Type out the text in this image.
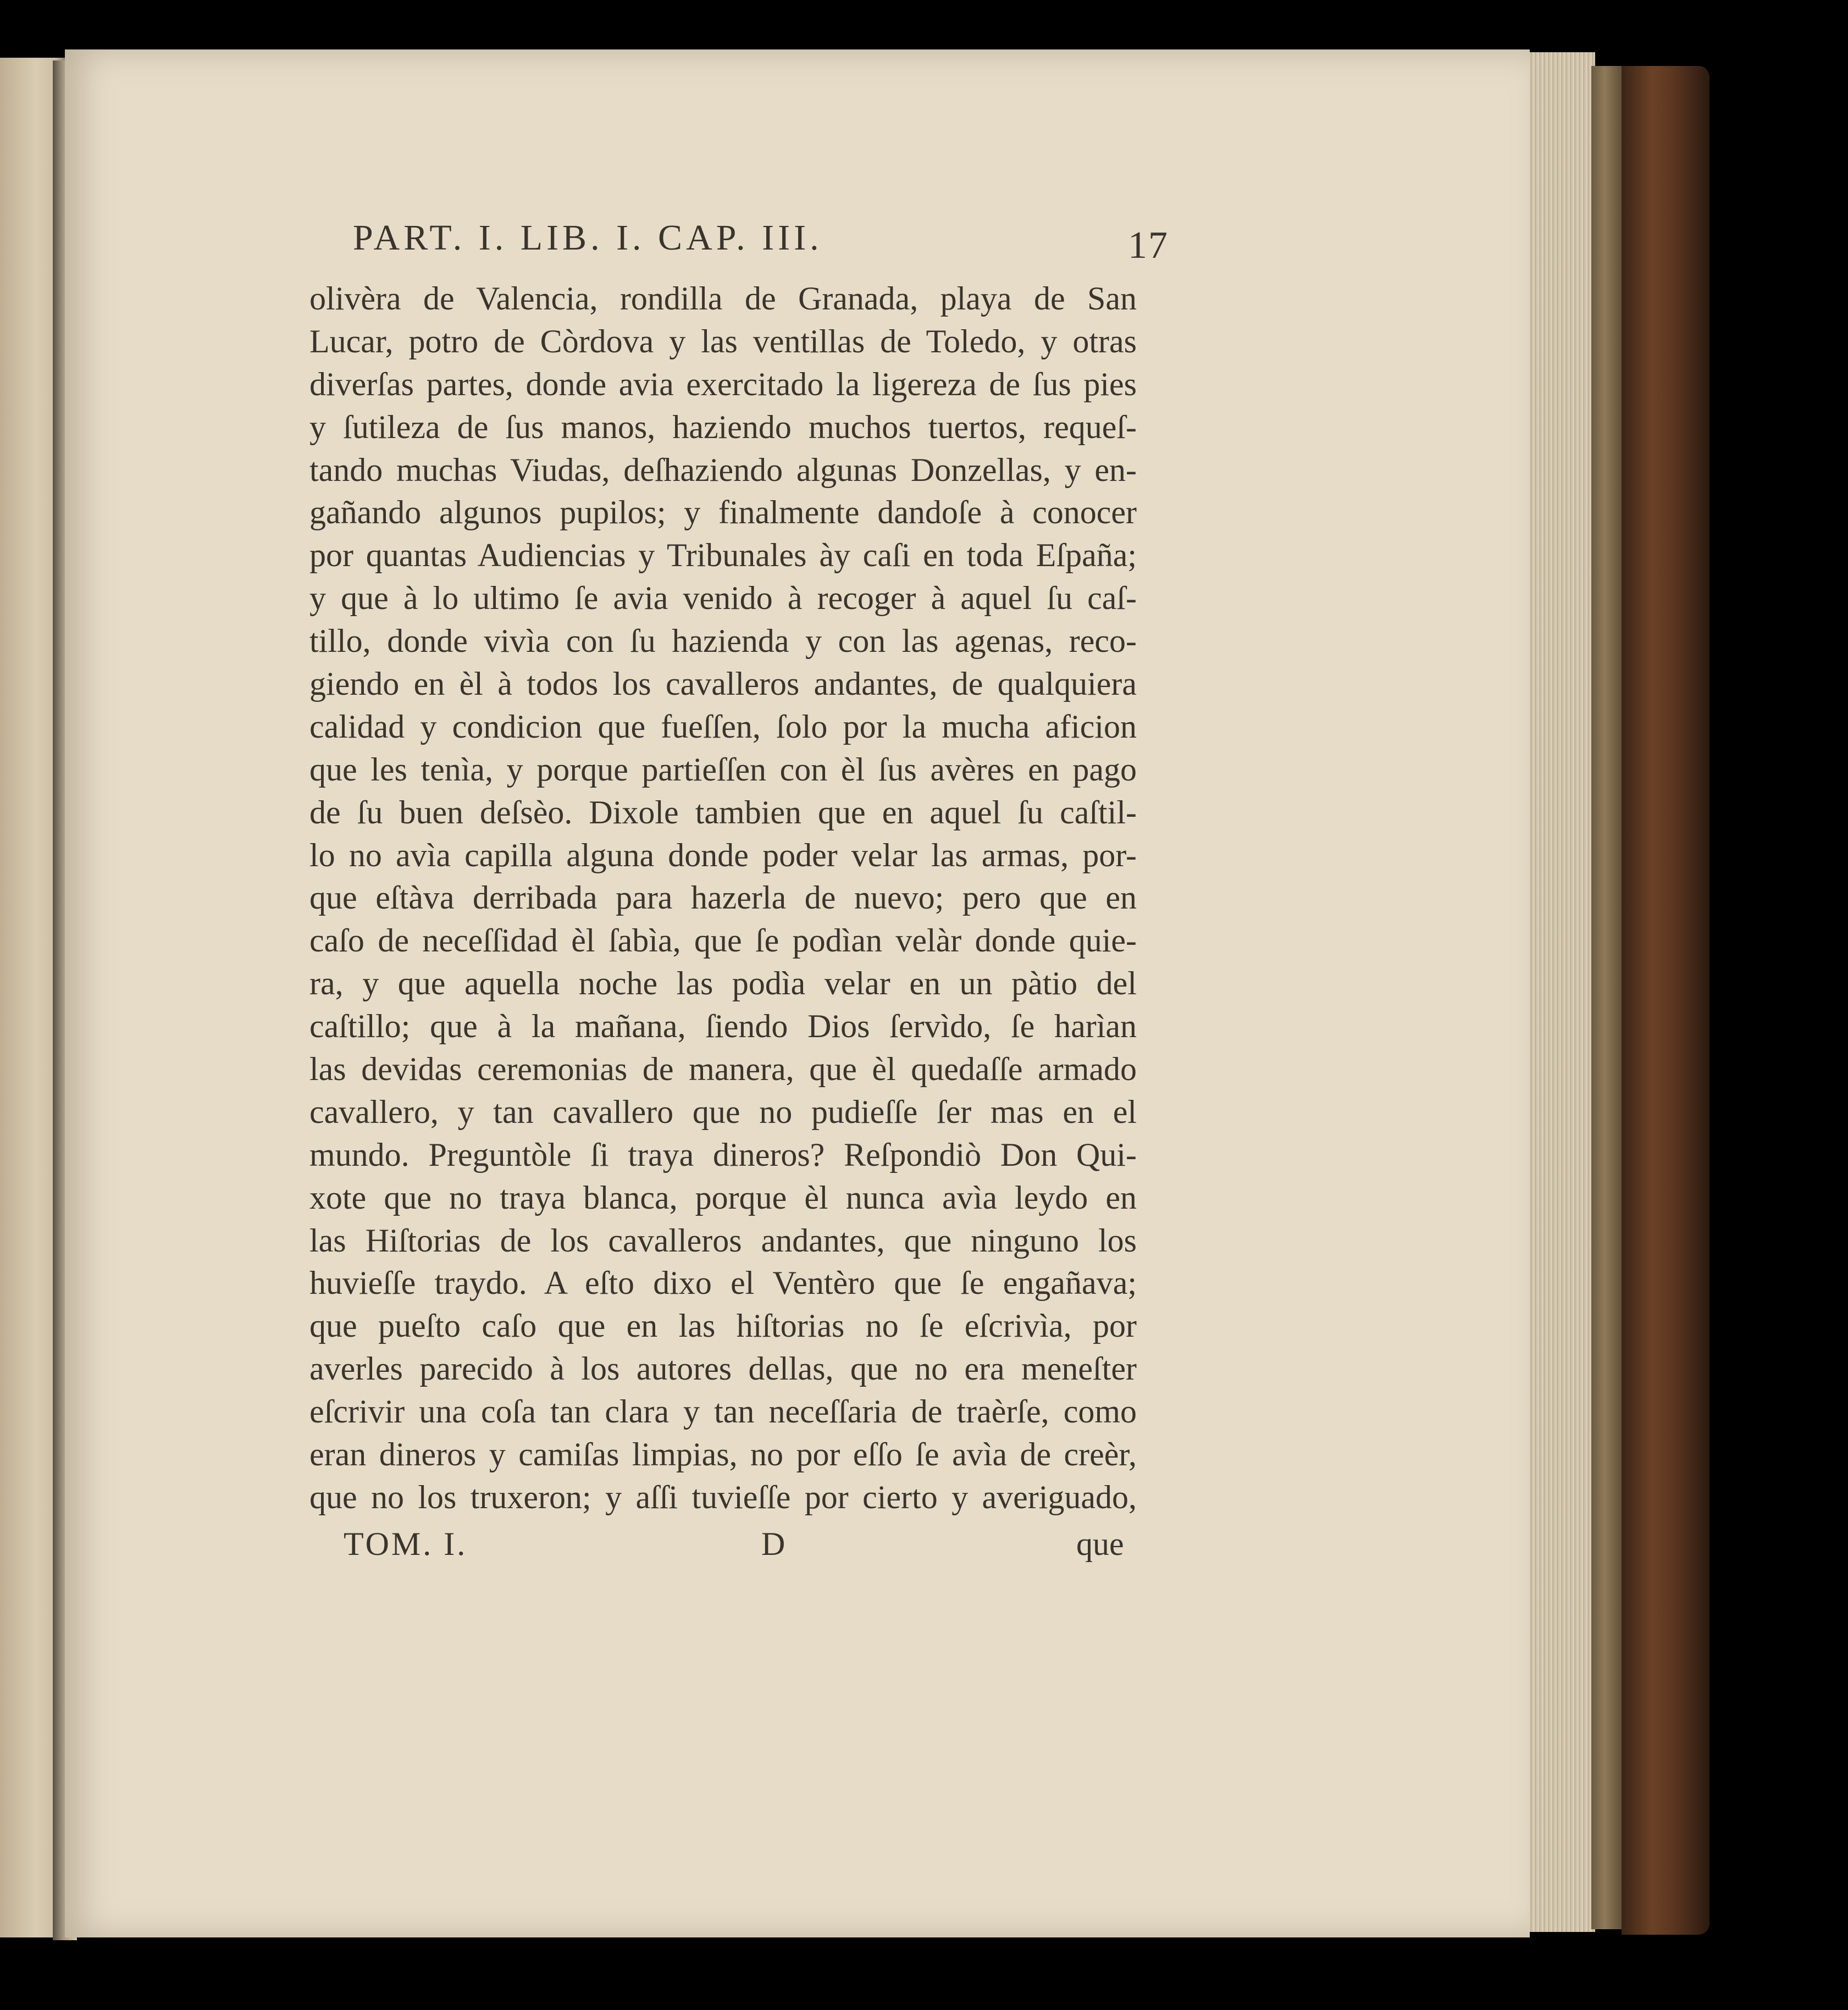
PART. I. LIB. I. CAP. III.	17
olivèra de Valencia, rondilla de Granada, playa de San
Lucar, potro de Còrdova y las ventillas de Toledo, y otras
diverſas partes, donde avia exercitado la ligereza de ſus pies
y ſutileza de ſus manos, haziendo muchos tuertos, requeſ-
tando muchas Viudas, deſhaziendo algunas Donzellas, y en-
gañando algunos pupilos; y finalmente dandoſe à conocer
por quantas Audiencias y Tribunales ày caſi en toda Eſpaña;
y que à lo ultimo ſe avia venido à recoger à aquel ſu caſ-
tillo, donde vivìa con ſu hazienda y con las agenas, reco-
giendo en èl à todos los cavalleros andantes, de qualquiera
calidad y condicion que fueſſen, ſolo por la mucha aficion
que les tenìa, y porque partieſſen con èl ſus avères en pago
de ſu buen deſsèo. Dixole tambien que en aquel ſu caſtil-
lo no avìa capilla alguna donde poder velar las armas, por-
que eſtàva derribada para hazerla de nuevo; pero que en
caſo de neceſſidad èl ſabìa, que ſe podìan velàr donde quie-
ra, y que aquella noche las podìa velar en un pàtio del
caſtillo; que à la mañana, ſiendo Dios ſervìdo, ſe harìan
las devidas ceremonias de manera, que èl quedaſſe armado
cavallero, y tan cavallero que no pudieſſe ſer mas en el
mundo. Preguntòle ſi traya dineros? Reſpondiò Don Qui-
xote que no traya blanca, porque èl nunca avìa leydo en
las Hiſtorias de los cavalleros andantes, que ninguno los
huvieſſe traydo. A eſto dixo el Ventèro que ſe engañava;
que pueſto caſo que en las hiſtorias no ſe eſcrivìa, por
averles parecido à los autores dellas, que no era meneſter
eſcrivir una coſa tan clara y tan neceſſaria de traèrſe, como
eran dineros y camiſas limpias, no por eſſo ſe avìa de creèr,
que no los truxeron; y aſſi tuvieſſe por cierto y averiguado,
TOM. I.	D	que
